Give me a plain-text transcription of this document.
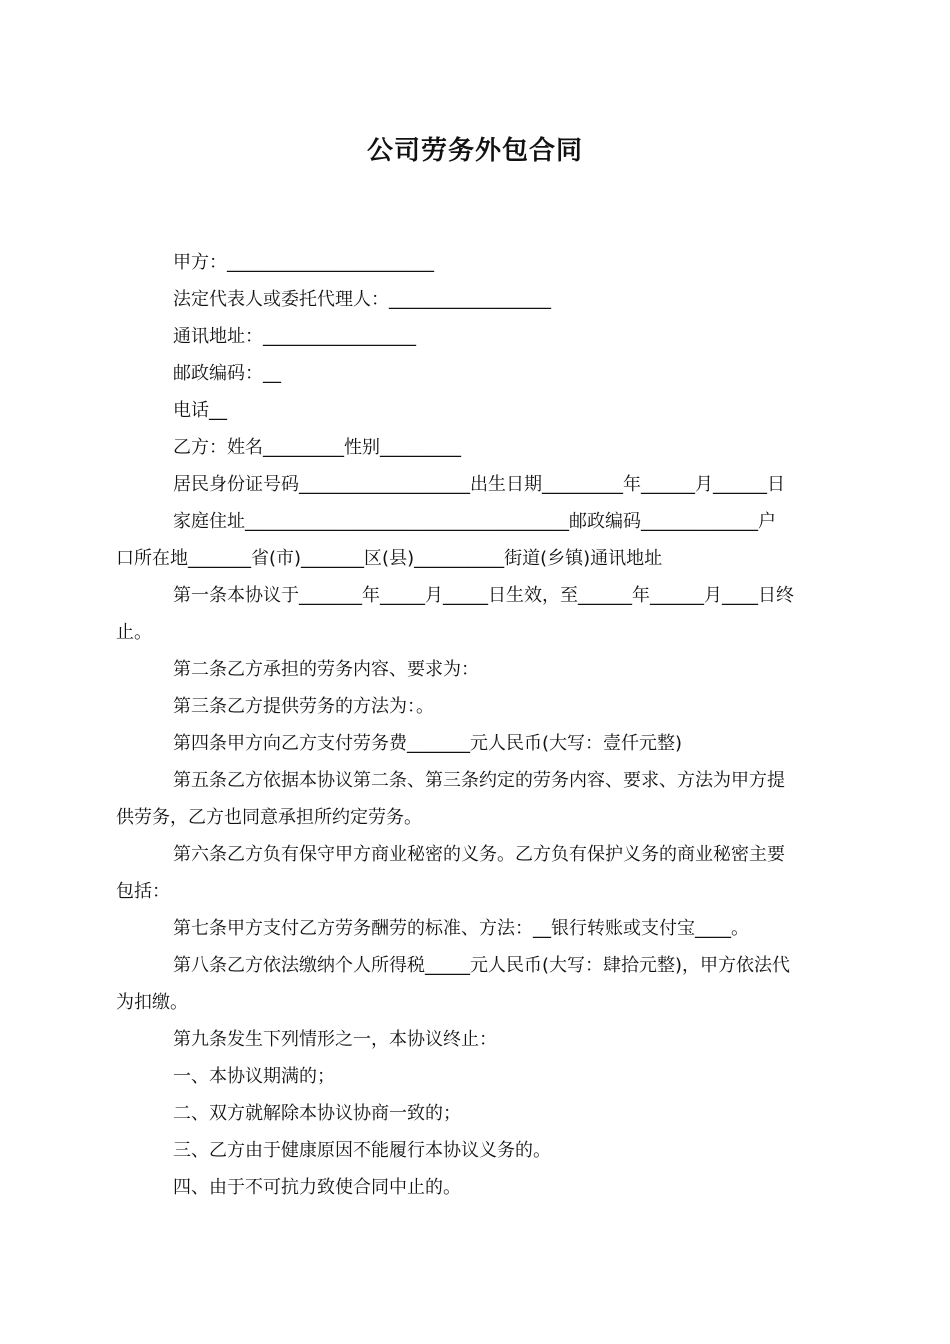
公司劳务外包合同
甲方：_______________________
法定代表人或委托代理人：__________________
通讯地址：_________________
邮政编码：__
电话__
乙方：姓名_________性别_________
居民身份证号码___________________出生日期_________年______月______日
家庭住址____________________________________邮政编码_____________户
口所在地_______省(市)_______区(县)__________街道(乡镇)通讯地址
第一条本协议于_______年_____月_____日生效，至______年______月____日终
止。
第二条乙方承担的劳务内容、要求为：
第三条乙方提供劳务的方法为：。
第四条甲方向乙方支付劳务费_______元人民币(大写：壹仟元整)
第五条乙方依据本协议第二条、第三条约定的劳务内容、要求、方法为甲方提
供劳务，乙方也同意承担所约定劳务。
第六条乙方负有保守甲方商业秘密的义务。乙方负有保护义务的商业秘密主要
包括：
第七条甲方支付乙方劳务酬劳的标准、方法：__银行转账或支付宝____。
第八条乙方依法缴纳个人所得税_____元人民币(大写：肆拾元整)，甲方依法代
为扣缴。
第九条发生下列情形之一，本协议终止：
一、本协议期满的；
二、双方就解除本协议协商一致的；
三、乙方由于健康原因不能履行本协议义务的。
四、由于不可抗力致使合同中止的。
